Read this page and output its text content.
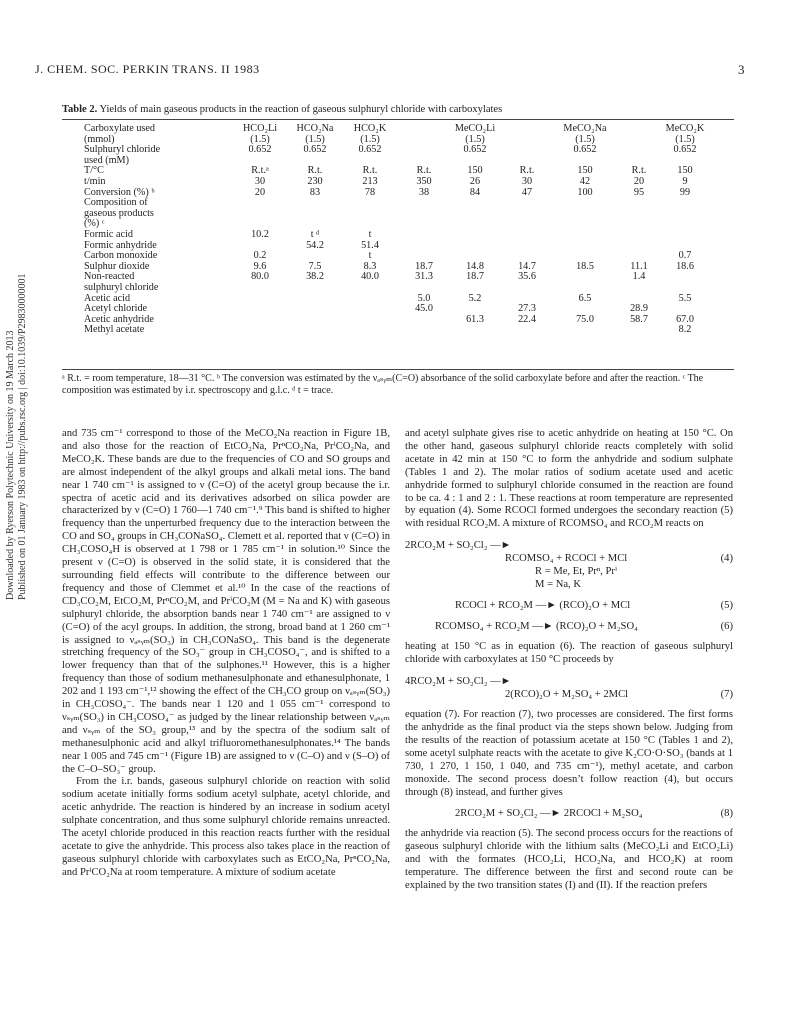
J. CHEM. SOC. PERKIN TRANS. II 1983	3
Downloaded by Ryerson Polytechnic University on 19 March 2013 Published on 01 January 1983 on http://pubs.rsc.org | doi:10.1039/P29830000001
Table 2. Yields of main gaseous products in the reaction of gaseous sulphuryl chloride with carboxylates
Carboxylate used	HCO₂Li	HCO₂Na	HCO₂K		MeCO₂Li		MeCO₂Na		MeCO₂K	
(mmol)	(1.5)	(1.5)	(1.5)		(1.5)		(1.5)		(1.5)	
Sulphuryl chloride	0.652	0.652	0.652		0.652		0.652		0.652	
used (mM)										
T/°C	R.t.ᵃ	R.t.	R.t.	R.t.	150	R.t.	150	R.t.	150	
t/min	30	230	213	350	26	30	42	20	9	
Conversion (%) ᵇ	20	83	78	38	84	47	100	95	99	
Composition of										
gaseous products										
(%) ᶜ										
Formic acid	10.2	t ᵈ	t							
Formic anhydride		54.2	51.4							
Carbon monoxide	0.2		t						0.7	
Sulphur dioxide	9.6	7.5	8.3	18.7	14.8	14.7	18.5	11.1	18.6	
Non-reacted	80.0	38.2	40.0	31.3	18.7	35.6		1.4		
sulphuryl chloride										
Acetic acid				5.0	5.2		6.5		5.5	
Acetyl chloride				45.0		27.3		28.9		
Acetic anhydride					61.3	22.4	75.0	58.7	67.0	
Methyl acetate									8.2	
ᵃ R.t. = room temperature, 18—31 °C. ᵇ The conversion was estimated by the νₐₛᵧₘ(C=O) absorbance of the solid carboxylate before and after the reaction. ᶜ The composition was estimated by i.r. spectroscopy and g.l.c. ᵈ t = trace.

and 735 cm⁻¹ correspond to those of the MeCO₂Na reaction in Figure 1B, and also those for the reaction of EtCO₂Na, PrⁿCO₂Na, PrⁱCO₂Na, and MeCO₂K. These bands are due to the frequencies of CO and SO groups and are almost independent of the alkyl groups and alkali metal ions. The band near 1 740 cm⁻¹ is assigned to ν (C=O) of the acetyl group because the i.r. spectra of acetic acid and its derivatives adsorbed on silica powder are characterized by ν (C=O) 1 760—1 740 cm⁻¹.⁹ This band is shifted to higher frequency than the unperturbed frequency due to the interaction between the CO and SO₄ groups in CH₃CONaSO₄. Clemett et al. reported that ν (C=O) in CH₃COSO₄H is observed at 1 798 or 1 785 cm⁻¹ in solution.¹⁰ Since the present ν (C=O) is observed in the solid state, it is considered that the surrounding field effects will contribute to the difference between our frequency and those of Clemmet et al.¹⁰ In the case of the reactions of CD₃CO₂M, EtCO₂M, PrⁿCO₂M, and PrⁱCO₂M (M = Na and K) with gaseous sulphuryl chloride, the absorption bands near 1 740 cm⁻¹ are assigned to ν (C=O) of the acyl groups. In addition, the strong, broad band at 1 260 cm⁻¹ is assigned to νₐₛᵧₘ(SO₃) in CH₃CONaSO₄. This band is the degenerate stretching frequency of the SO₃⁻ group in CH₃COSO₄⁻, and is shifted to a lower frequency than that of the sulphones.¹¹ However, this is a higher frequency than those of sodium methanesulphonate and ethanesulphonate, 1 202 and 1 193 cm⁻¹,¹² showing the effect of the CH₃CO group on νₐₛᵧₘ(SO₃) in CH₃COSO₄⁻. The bands near 1 120 and 1 055 cm⁻¹ correspond to νₛᵧₘ(SO₃) in CH₃COSO₄⁻ as judged by the linear relationship between νₐₛᵧₘ and νₛᵧₘ of the SO₃ group,¹³ and by the spectra of the sodium salt of methanesulphonic acid and alkyl trifluoromethanesulphonates.¹⁴ The bands near 1 005 and 745 cm⁻¹ (Figure 1B) are assigned to ν (C–O) and ν (S–O) of the C–O–SO₃⁻ group.

From the i.r. bands, gaseous sulphuryl chloride on reaction with solid sodium acetate initially forms sodium acetyl sulphate, acetyl chloride, and acetic anhydride. The reaction is hindered by an increase in sodium acetyl sulphate concentration, and thus some sulphuryl chloride remains unreacted. The acetyl chloride produced in this reaction reacts further with the residual acetate to give the anhydride. This process also takes place in the reaction of gaseous sulphuryl chloride with carboxylates such as EtCO₂Na, PrⁿCO₂Na, and PrⁱCO₂Na at room temperature. A mixture of sodium acetate

and acetyl sulphate gives rise to acetic anhydride on heating at 150 °C. On the other hand, gaseous sulphuryl chloride reacts completely with solid acetate in 42 min at 150 °C to form the anhydride and sodium sulphate (Tables 1 and 2). The molar ratios of sodium acetate used and acetic anhydride formed to sulphuryl chloride consumed in the reaction are found to be ca. 4 : 1 and 2 : 1. These reactions at room temperature are represented by equation (4). Some RCOCl formed undergoes the secondary reaction (5) with residual RCO₂M. A mixture of RCOMSO₄ and RCO₂M reacts on

2RCO₂M + SO₂Cl₂ —►
RCOMSO₄ + RCOCl + MCl	(4)
R = Me, Et, Prⁿ, Prⁱ
M = Na, K
RCOCl + RCO₂M —► (RCO)₂O + MCl	(5)
RCOMSO₄ + RCO₂M —► (RCO)₂O + M₂SO₄	(6)

heating at 150 °C as in equation (6). The reaction of gaseous sulphuryl chloride with carboxylates at 150 °C proceeds by

4RCO₂M + SO₂Cl₂ —►
2(RCO)₂O + M₂SO₄ + 2MCl	(7)

equation (7). For reaction (7), two processes are considered. The first forms the anhydride as the final product via the steps shown below. Judging from the results of the reaction of potassium acetate at 150 °C (Tables 1 and 2), some acetyl sulphate reacts with the acetate to give K₂CO·O·SO₃ (bands at 1 730, 1 270, 1 150, 1 040, and 735 cm⁻¹), methyl acetate, and carbon monoxide. The second process doesn’t follow reaction (4), but occurs through (8) instead, and further gives

2RCO₂M + SO₂Cl₂ —► 2RCOCl + M₂SO₄	(8)

the anhydride via reaction (5). The second process occurs for the reactions of gaseous sulphuryl chloride with the lithium salts (MeCO₂Li and EtCO₂Li) and with the formates (HCO₂Li, HCO₂Na, and HCO₂K) at room temperature. The difference between the first and second route can be explained by the two transition states (I) and (II). If the reaction prefers
